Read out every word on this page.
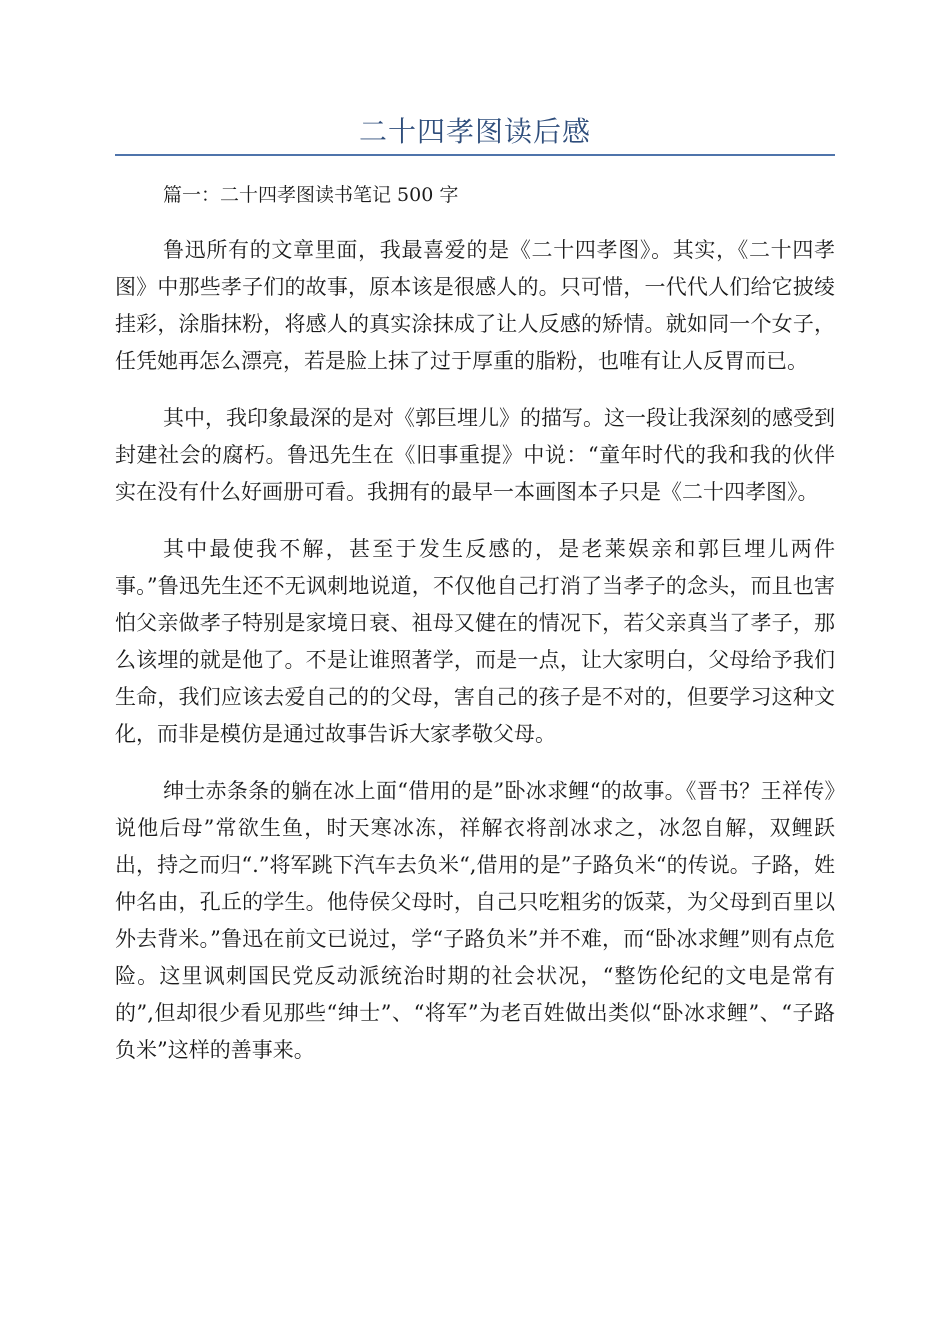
二十四孝图读后感

篇一：二十四孝图读书笔记 500 字

鲁迅所有的文章里面，我最喜爱的是《二十四孝图》。其实，《二十四孝图》中那些孝子们的故事，原本该是很感人的。只可惜，一代代人们给它披绫挂彩，涂脂抹粉，将感人的真实涂抹成了让人反感的矫情。就如同一个女子，任凭她再怎么漂亮，若是脸上抹了过于厚重的脂粉，也唯有让人反胃而已。

其中，我印象最深的是对《郭巨埋儿》的描写。这一段让我深刻的感受到封建社会的腐朽。鲁迅先生在《旧事重提》中说：“童年时代的我和我的伙伴实在没有什么好画册可看。我拥有的最早一本画图本子只是《二十四孝图》。

其中最使我不解，甚至于发生反感的，是老莱娱亲和郭巨埋儿两件事。”鲁迅先生还不无讽刺地说道，不仅他自己打消了当孝子的念头，而且也害怕父亲做孝子特别是家境日衰、祖母又健在的情况下，若父亲真当了孝子，那么该埋的就是他了。不是让谁照著学，而是一点，让大家明白，父母给予我们生命，我们应该去爱自己的的父母，害自己的孩子是不对的，但要学习这种文化，而非是模仿是通过故事告诉大家孝敬父母。

绅士赤条条的躺在冰上面“借用的是”卧冰求鲤“的故事。《晋书？王祥传》说他后母”常欲生鱼，时天寒冰冻，祥解衣将剖冰求之，冰忽自解，双鲤跃出，持之而归“.”将军跳下汽车去负米“,借用的是”子路负米“的传说。子路，姓仲名由，孔丘的学生。他侍侯父母时，自己只吃粗劣的饭菜，为父母到百里以外去背米。”鲁迅在前文已说过，学“子路负米”并不难，而“卧冰求鲤”则有点危险。这里讽刺国民党反动派统治时期的社会状况，“整饬伦纪的文电是常有的”,但却很少看见那些“绅士”、“将军”为老百姓做出类似“卧冰求鲤”、“子路负米”这样的善事来。
